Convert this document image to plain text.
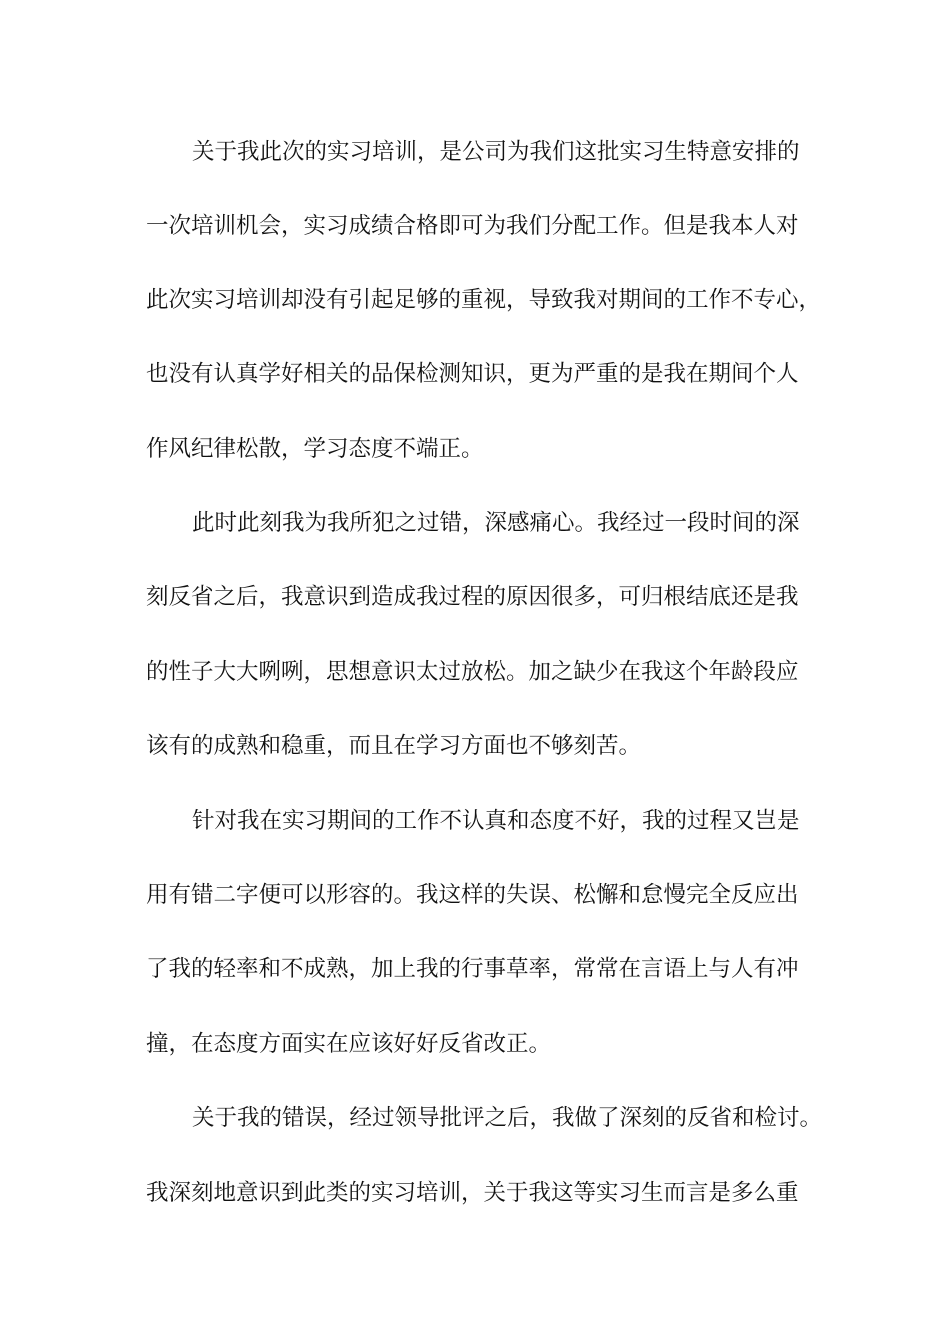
关于我此次的实习培训，是公司为我们这批实习生特意安排的
一次培训机会，实习成绩合格即可为我们分配工作。但是我本人对
此次实习培训却没有引起足够的重视，导致我对期间的工作不专心，
也没有认真学好相关的品保检测知识，更为严重的是我在期间个人
作风纪律松散，学习态度不端正。
此时此刻我为我所犯之过错，深感痛心。我经过一段时间的深
刻反省之后，我意识到造成我过程的原因很多，可归根结底还是我
的性子大大咧咧，思想意识太过放松。加之缺少在我这个年龄段应
该有的成熟和稳重，而且在学习方面也不够刻苦。
针对我在实习期间的工作不认真和态度不好，我的过程又岂是
用有错二字便可以形容的。我这样的失误、松懈和怠慢完全反应出
了我的轻率和不成熟，加上我的行事草率，常常在言语上与人有冲
撞，在态度方面实在应该好好反省改正。
关于我的错误，经过领导批评之后，我做了深刻的反省和检讨。
我深刻地意识到此类的实习培训，关于我这等实习生而言是多么重
